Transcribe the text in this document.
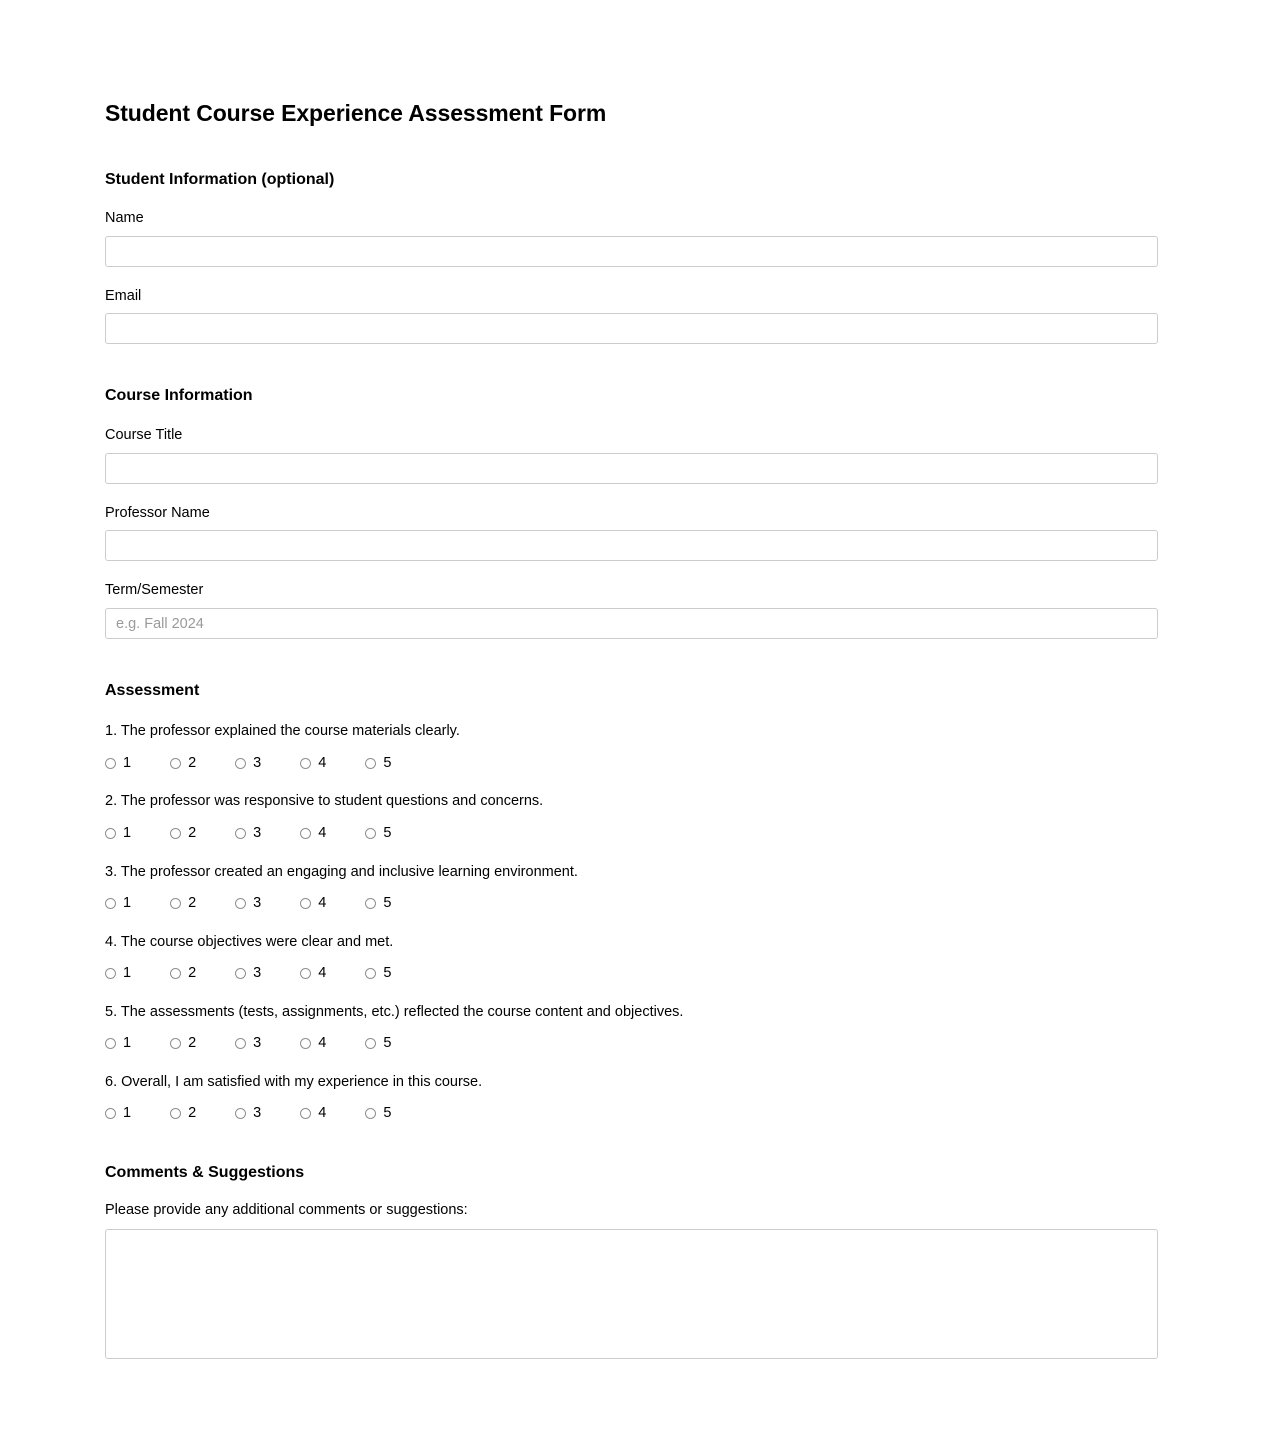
Student Course Experience Assessment Form
Student Information (optional)
Name
Email
Course Information
Course Title
Professor Name
Term/Semester
e.g. Fall 2024
Assessment

1. The professor explained the course materials clearly.

1	2	3	4	5

2. The professor was responsive to student questions and concerns.

1	2	3	4	5

3. The professor created an engaging and inclusive learning environment.

1	2	3	4	5

4. The course objectives were clear and met.

1	2	3	4	5

5. The assessments (tests, assignments, etc.) reflected the course content and objectives.

1	2	3	4	5

6. Overall, I am satisfied with my experience in this course.

1	2	3	4	5
Comments & Suggestions
Please provide any additional comments or suggestions:
